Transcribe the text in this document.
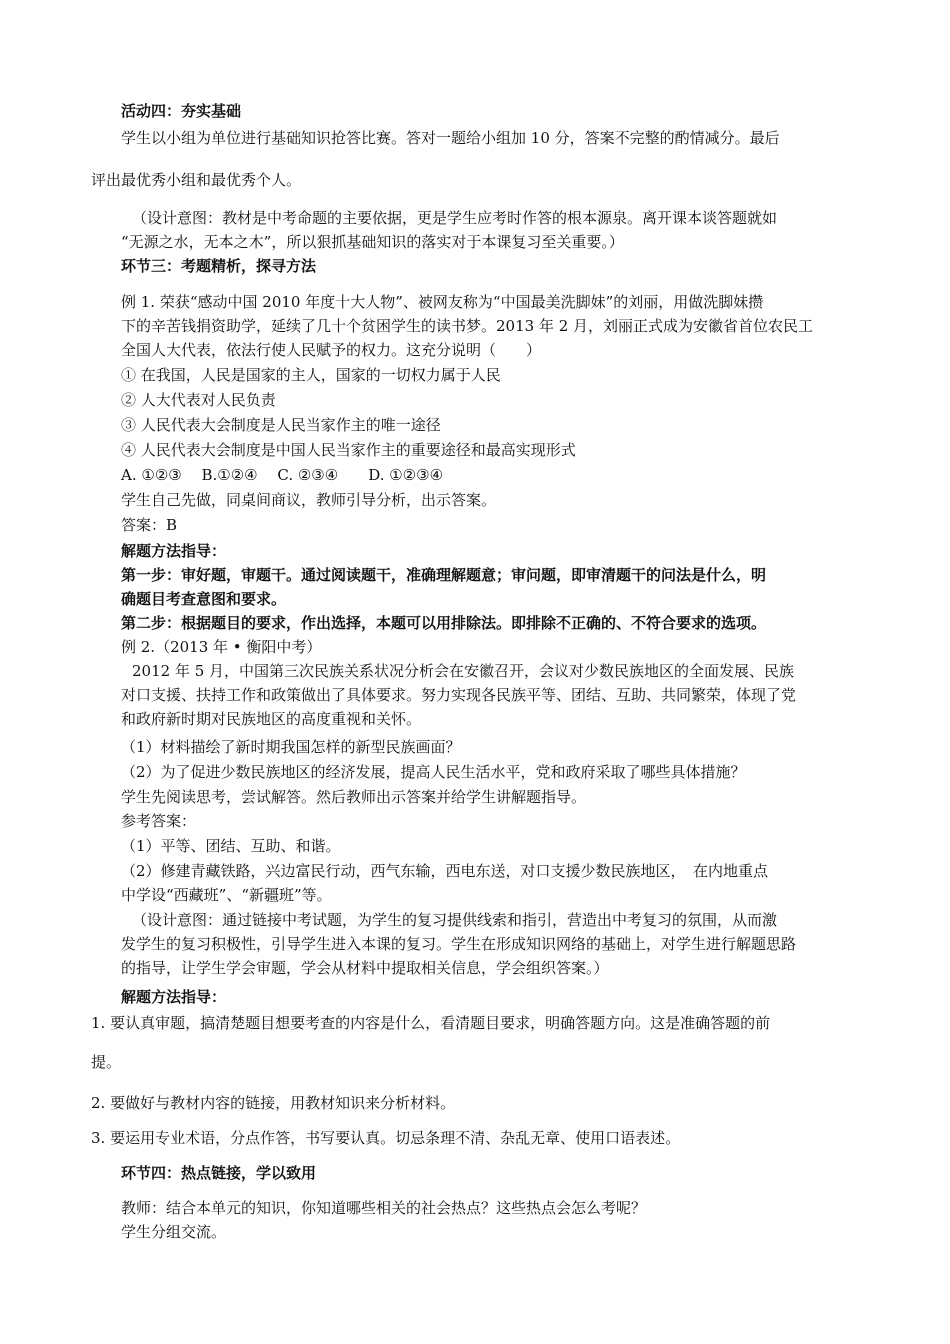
活动四：夯实基础
学生以小组为单位进行基础知识抢答比赛。答对一题给小组加 10 分，答案不完整的酌情减分。最后
评出最优秀小组和最优秀个人。
（设计意图：教材是中考命题的主要依据，更是学生应考时作答的根本源泉。离开课本谈答题就如
“无源之水，无本之木”，所以狠抓基础知识的落实对于本课复习至关重要。）
环节三：考题精析，探寻方法
例 1. 荣获“感动中国 2010 年度十大人物”、被网友称为“中国最美洗脚妹”的刘丽，用做洗脚妹攒
下的辛苦钱捐资助学，延续了几十个贫困学生的读书梦。2013 年 2 月，刘丽正式成为安徽省首位农民工
全国人大代表，依法行使人民赋予的权力。这充分说明（　　）
① 在我国，人民是国家的主人，国家的一切权力属于人民
② 人大代表对人民负责
③ 人民代表大会制度是人民当家作主的唯一途径
④ 人民代表大会制度是中国人民当家作主的重要途径和最高实现形式
A. ①②③　 B.①②④　 C. ②③④　　D. ①②③④
学生自己先做，同桌间商议，教师引导分析，出示答案。
答案：B
解题方法指导：
第一步：审好题，审题干。通过阅读题干，准确理解题意；审问题，即审清题干的问法是什么，明
确题目考查意图和要求。
第二步：根据题目的要求，作出选择，本题可以用排除法。即排除不正确的、不符合要求的选项。
例 2.（2013 年 • 衡阳中考）
2012 年 5 月，中国第三次民族关系状况分析会在安徽召开，会议对少数民族地区的全面发展、民族
对口支援、扶持工作和政策做出了具体要求。努力实现各民族平等、团结、互助、共同繁荣，体现了党
和政府新时期对民族地区的高度重视和关怀。
（1）材料描绘了新时期我国怎样的新型民族画面？
（2）为了促进少数民族地区的经济发展，提高人民生活水平，党和政府采取了哪些具体措施？
学生先阅读思考，尝试解答。然后教师出示答案并给学生讲解题指导。
参考答案：
（1）平等、团结、互助、和谐。
（2）修建青藏铁路，兴边富民行动，西气东输，西电东送，对口支援少数民族地区，　在内地重点
中学设“西藏班”、“新疆班”等。
（设计意图：通过链接中考试题，为学生的复习提供线索和指引，营造出中考复习的氛围，从而激
发学生的复习积极性，引导学生进入本课的复习。学生在形成知识网络的基础上，对学生进行解题思路
的指导，让学生学会审题，学会从材料中提取相关信息，学会组织答案。）
解题方法指导：
1. 要认真审题，搞清楚题目想要考查的内容是什么，看清题目要求，明确答题方向。这是准确答题的前
提。
2. 要做好与教材内容的链接，用教材知识来分析材料。
3. 要运用专业术语，分点作答，书写要认真。切忌条理不清、杂乱无章、使用口语表述。
环节四：热点链接，学以致用
教师：结合本单元的知识，你知道哪些相关的社会热点？这些热点会怎么考呢？
学生分组交流。
